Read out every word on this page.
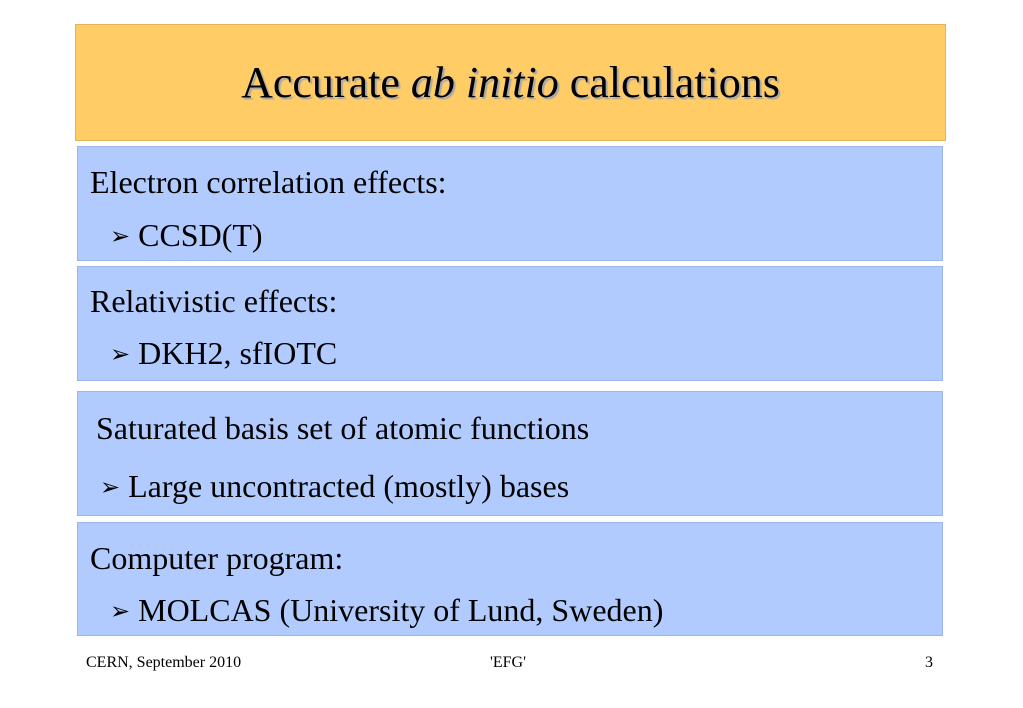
Accurate ab initio calculations
Electron correlation effects:
➢ CCSD(T)
Relativistic effects:
➢ DKH2, sfIOTC
Saturated basis set of atomic functions
➢ Large uncontracted (mostly) bases
Computer program:
➢ MOLCAS (University of Lund, Sweden)
CERN, September 2010	'EFG'	3
